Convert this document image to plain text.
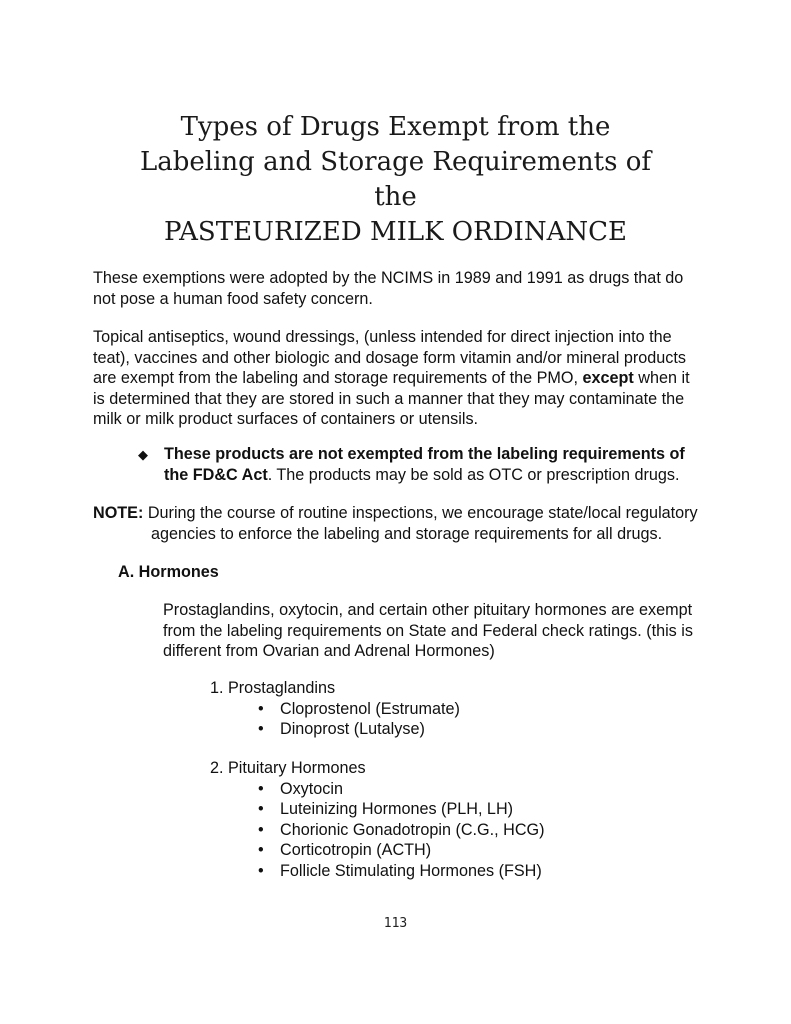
Types of Drugs Exempt from the
Labeling and Storage Requirements of
the
PASTEURIZED MILK ORDINANCE
These exemptions were adopted by the NCIMS in 1989 and 1991 as drugs that do not pose a human food safety concern.
Topical antiseptics, wound dressings, (unless intended for direct injection into the teat), vaccines and other biologic and dosage form vitamin and/or mineral products are exempt from the labeling and storage requirements of the PMO, except when it is determined that they are stored in such a manner that they may contaminate the milk or milk product surfaces of containers or utensils.
◆ These products are not exempted from the labeling requirements of the FD&C Act. The products may be sold as OTC or prescription drugs.
NOTE: During the course of routine inspections, we encourage state/local regulatory
agencies to enforce the labeling and storage requirements for all drugs.
A. Hormones
Prostaglandins, oxytocin, and certain other pituitary hormones are exempt from the labeling requirements on State and Federal check ratings. (this is different from Ovarian and Adrenal Hormones)
1. Prostaglandins
• Cloprostenol (Estrumate)
• Dinoprost (Lutalyse)
2. Pituitary Hormones
• Oxytocin
• Luteinizing Hormones (PLH, LH)
• Chorionic Gonadotropin (C.G., HCG)
• Corticotropin (ACTH)
• Follicle Stimulating Hormones (FSH)
113
